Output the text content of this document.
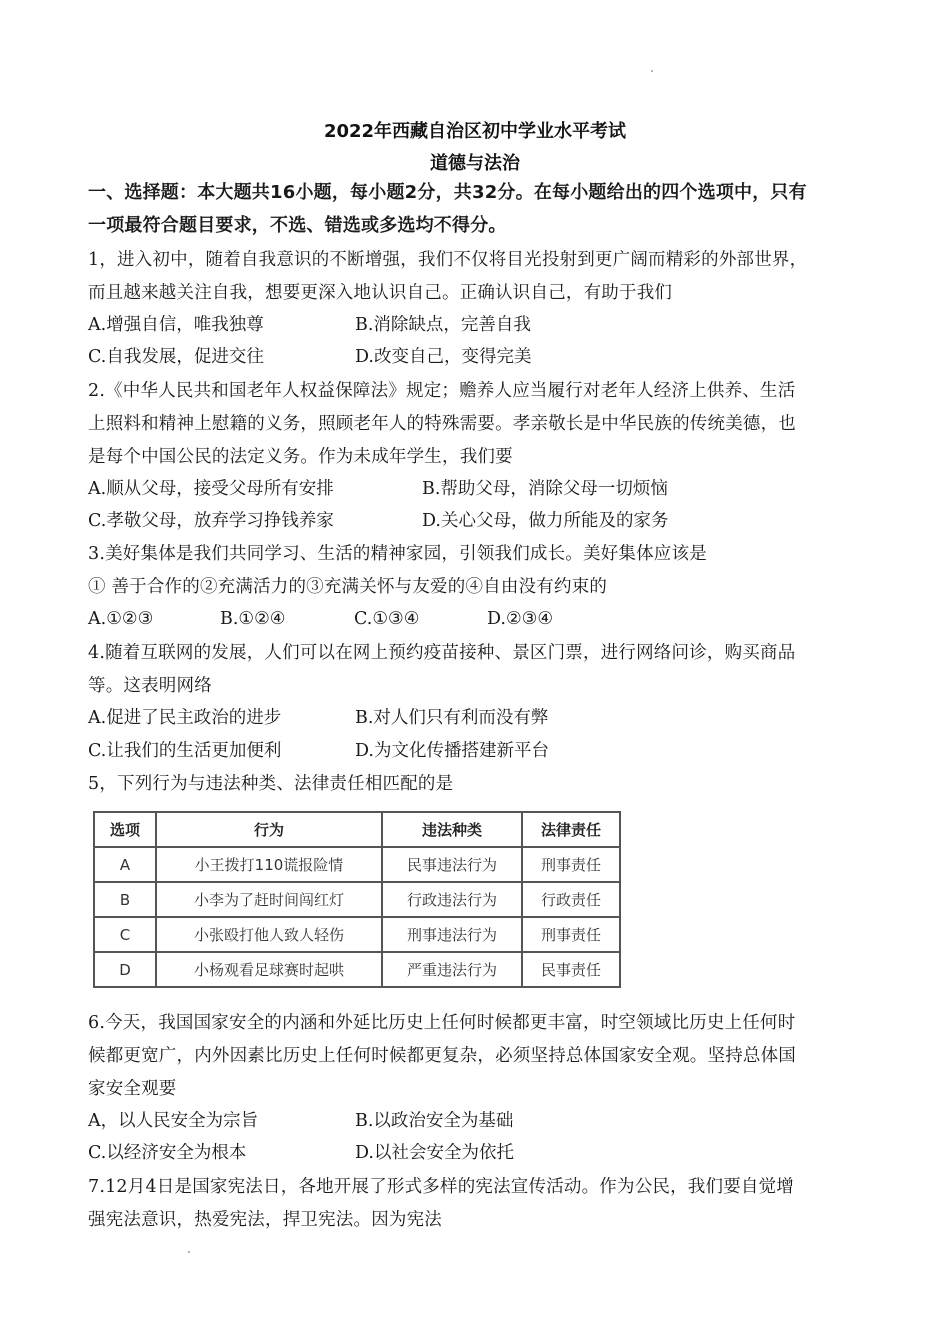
2022年西藏自治区初中学业水平考试
道德与法治
一、选择题：本大题共16小题，每小题2分，共32分。在每小题给出的四个选项中，只有
一项最符合题目要求，不选、错选或多选均不得分。
1，进入初中，随着自我意识的不断增强，我们不仅将目光投射到更广阔而精彩的外部世界，
而且越来越关注自我，想要更深入地认识自己。正确认识自己，有助于我们
A.增强自信，唯我独尊	B.消除缺点，完善自我
C.自我发展，促进交往	D.改变自己，变得完美
2.《中华人民共和国老年人权益保障法》规定；赡养人应当履行对老年人经济上供养、生活
上照料和精神上慰籍的义务，照顾老年人的特殊需要。孝亲敬长是中华民族的传统美德，也
是每个中国公民的法定义务。作为未成年学生，我们要
A.顺从父母，接受父母所有安排	B.帮助父母，消除父母一切烦恼
C.孝敬父母，放弃学习挣钱养家	D.关心父母，做力所能及的家务
3.美好集体是我们共同学习、生活的精神家园，引领我们成长。美好集体应该是
① 善于合作的②充满活力的③充满关怀与友爱的④自由没有约束的
A.①②③	B.①②④	C.①③④	D.②③④
4.随着互联网的发展，人们可以在网上预约疫苗接种、景区门票，进行网络问诊，购买商品
等。这表明网络
A.促进了民主政治的进步	B.对人们只有利而没有弊
C.让我们的生活更加便利	D.为文化传播搭建新平台
5，下列行为与违法种类、法律责任相匹配的是
选项	行为	违法种类	法律责任
A	小王拨打110谎报险情	民事违法行为	刑事责任
B	小李为了赶时间闯红灯	行政违法行为	行政责任
C	小张殴打他人致人轻伤	刑事违法行为	刑事责任
D	小杨观看足球赛时起哄	严重违法行为	民事责任
6.今天，我国国家安全的内涵和外延比历史上任何时候都更丰富，时空领域比历史上任何时
候都更宽广，内外因素比历史上任何时候都更复杂，必须坚持总体国家安全观。坚持总体国
家安全观要
A，以人民安全为宗旨	B.以政治安全为基础
C.以经济安全为根本	D.以社会安全为依托
7.12月4日是国家宪法日，各地开展了形式多样的宪法宣传活动。作为公民，我们要自觉增
强宪法意识，热爱宪法，捍卫宪法。因为宪法
